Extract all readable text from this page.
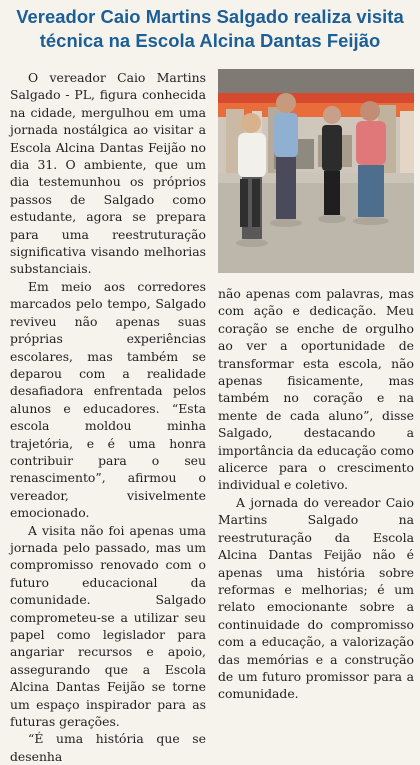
Vereador Caio Martins Salgado realiza visita técnica na Escola Alcina Dantas Feijão

O vereador Caio Martins Salgado - PL, figura conhecida na cidade, mergulhou em uma jornada nostálgica ao visitar a Escola Alcina Dantas Feijão no dia 31. O ambiente, que um dia testemunhou os próprios passos de Salgado como estudante, agora se prepara para uma reestruturação significativa visando melhorias substanciais.

Em meio aos corredores marcados pelo tempo, Salgado reviveu não apenas suas próprias experiências escolares, mas também se deparou com a realidade desafiadora enfrentada pelos alunos e educadores. “Esta escola moldou minha trajetória, e é uma honra contribuir para o seu renascimento”, afirmou o vereador, visivelmente emocionado.

A visita não foi apenas uma jornada pelo passado, mas um compromisso renovado com o futuro educacional da comunidade. Salgado comprometeu-se a utilizar seu papel como legislador para angariar recursos e apoio, assegurando que a Escola Alcina Dantas Feijão se torne um espaço inspirador para as futuras gerações.

“É uma história que se desenha

não apenas com palavras, mas com ação e dedicação. Meu coração se enche de orgulho ao ver a oportunidade de transformar esta escola, não apenas fisicamente, mas também no coração e na mente de cada aluno”, disse Salgado, destacando a importância da educação como alicerce para o crescimento individual e coletivo.

A jornada do vereador Caio Martins Salgado na reestruturação da Escola Alcina Dantas Feijão não é apenas uma história sobre reformas e melhorias; é um relato emocionante sobre a continuidade do compromisso com a educação, a valorização das memórias e a construção de um futuro promissor para a comunidade.
